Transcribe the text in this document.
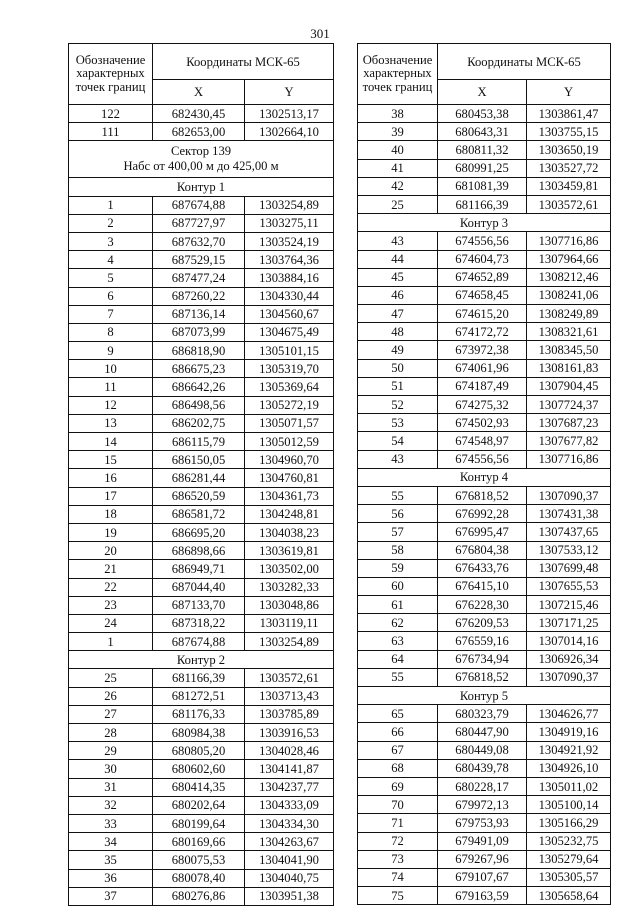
301
Обозначение характерных точек границ	Координаты МСК-65	
	X	Y
122	682430,45	1302513,17
111	682653,00	1302664,10

Сектор 139
Набс от 400,00 м до 425,00 м		

Контур 1		
1	687674,88	1303254,89
2	687727,97	1303275,11
3	687632,70	1303524,19
4	687529,15	1303764,36
5	687477,24	1303884,16
6	687260,22	1304330,44
7	687136,14	1304560,67
8	687073,99	1304675,49
9	686818,90	1305101,15
10	686675,23	1305319,70
11	686642,26	1305369,64
12	686498,56	1305272,19
13	686202,75	1305071,57
14	686115,79	1305012,59
15	686150,05	1304960,70
16	686281,44	1304760,81
17	686520,59	1304361,73
18	686581,72	1304248,81
19	686695,20	1304038,23
20	686898,66	1303619,81
21	686949,71	1303502,00
22	687044,40	1303282,33
23	687133,70	1303048,86
24	687318,22	1303119,11
1	687674,88	1303254,89
Контур 2		
25	681166,39	1303572,61
26	681272,51	1303713,43
27	681176,33	1303785,89
28	680984,38	1303916,53
29	680805,20	1304028,46
30	680602,60	1304141,87
31	680414,35	1304237,77
32	680202,64	1304333,09
33	680199,64	1304334,30
34	680169,66	1304263,67
35	680075,53	1304041,90
36	680078,40	1304040,75
37	680276,86	1303951,38
Обозначение характерных точек границ	Координаты МСК-65	
	X	Y
38	680453,38	1303861,47
39	680643,31	1303755,15
40	680811,32	1303650,19
41	680991,25	1303527,72
42	681081,39	1303459,81
25	681166,39	1303572,61
Контур 3		
43	674556,56	1307716,86
44	674604,73	1307964,66
45	674652,89	1308212,46
46	674658,45	1308241,06
47	674615,20	1308249,89
48	674172,72	1308321,61
49	673972,38	1308345,50
50	674061,96	1308161,83
51	674187,49	1307904,45
52	674275,32	1307724,37
53	674502,93	1307687,23
54	674548,97	1307677,82
43	674556,56	1307716,86
Контур 4		
55	676818,52	1307090,37
56	676992,28	1307431,38
57	676995,47	1307437,65
58	676804,38	1307533,12
59	676433,76	1307699,48
60	676415,10	1307655,53
61	676228,30	1307215,46
62	676209,53	1307171,25
63	676559,16	1307014,16
64	676734,94	1306926,34
55	676818,52	1307090,37
Контур 5		
65	680323,79	1304626,77
66	680447,90	1304919,16
67	680449,08	1304921,92
68	680439,78	1304926,10
69	680228,17	1305011,02
70	679972,13	1305100,14
71	679753,93	1305166,29
72	679491,09	1305232,75
73	679267,96	1305279,64
74	679107,67	1305305,57
75	679163,59	1305658,64
